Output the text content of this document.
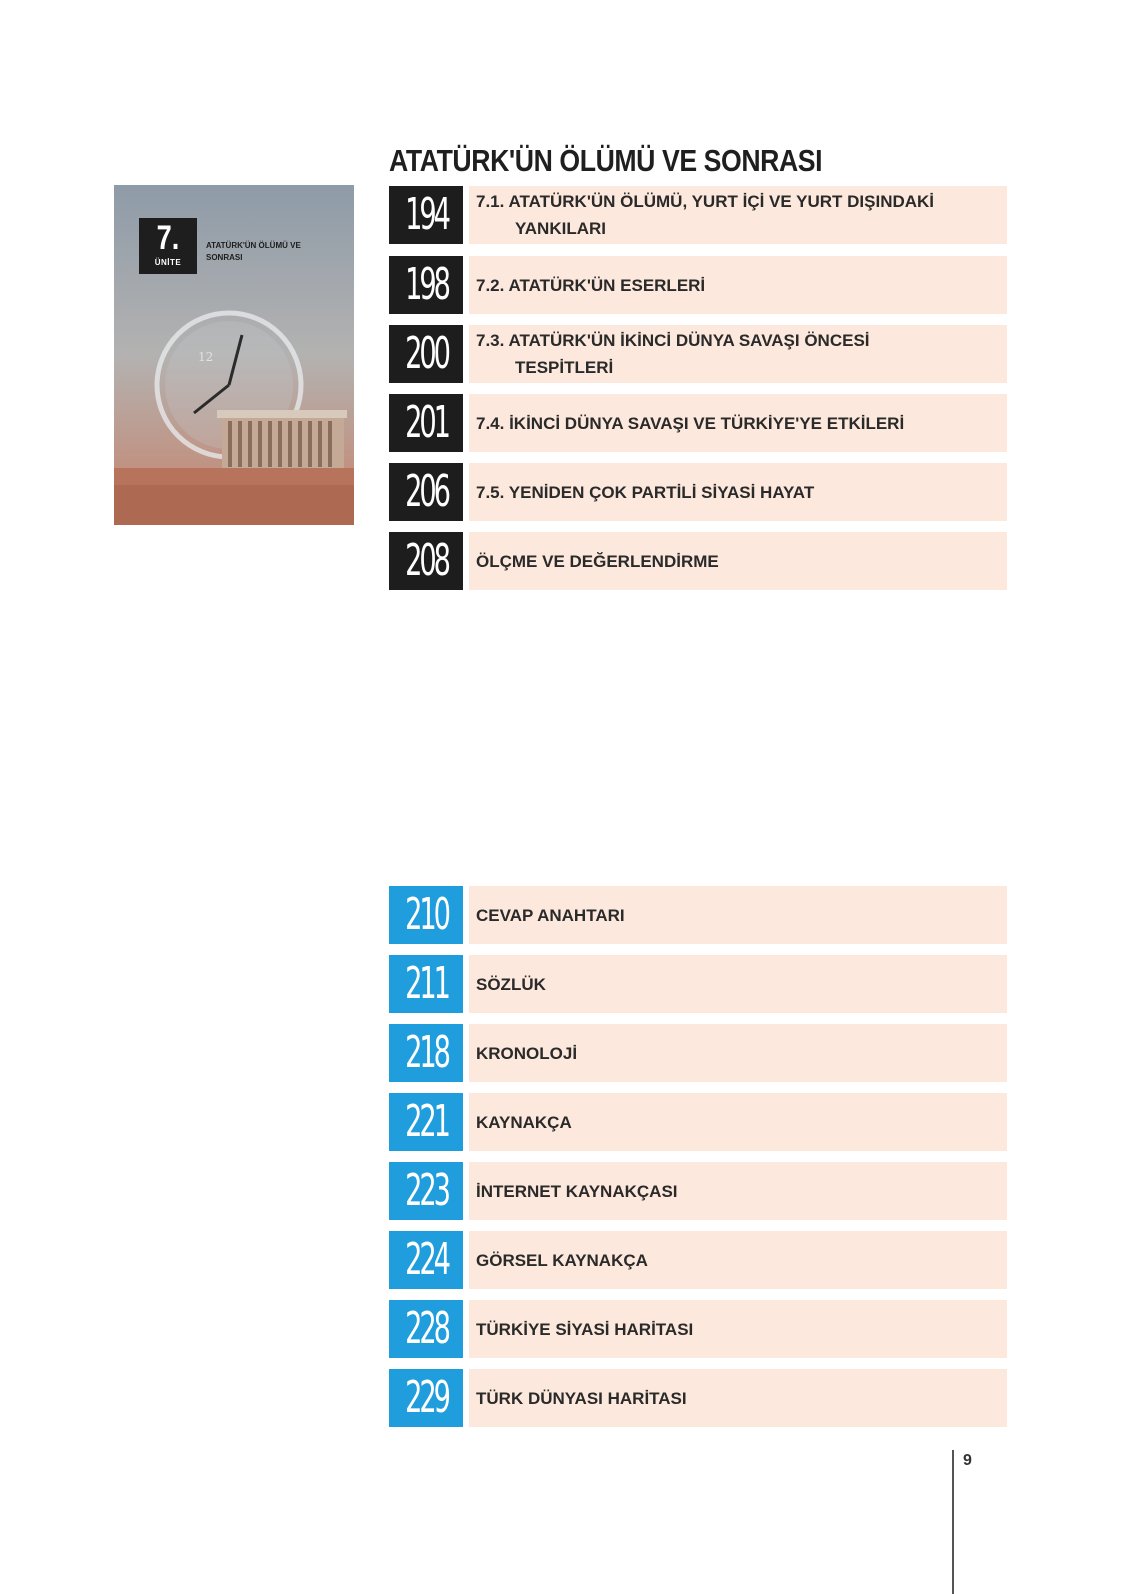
ATATÜRK'ÜN ÖLÜMÜ VE SONRASI
12
7.
ÜNİTE

ATATÜRK'ÜN ÖLÜMÜ VE SONRASI

194	7.1. ATATÜRK'ÜN ÖLÜMÜ, YURT İÇİ VE YURT DIŞINDAKİ
YANKILARI
198	7.2. ATATÜRK'ÜN ESERLERİ
200	7.3. ATATÜRK'ÜN İKİNCİ DÜNYA SAVAŞI ÖNCESİ
TESPİTLERİ
201	7.4. İKİNCİ DÜNYA SAVAŞI VE TÜRKİYE'YE ETKİLERİ
206	7.5. YENİDEN ÇOK PARTİLİ SİYASİ HAYAT
208	ÖLÇME VE DEĞERLENDİRME
210	CEVAP ANAHTARI
211	SÖZLÜK
218	KRONOLOJİ
221	KAYNAKÇA
223	İNTERNET KAYNAKÇASI
224	GÖRSEL KAYNAKÇA
228	TÜRKİYE SİYASİ HARİTASI
229	TÜRK DÜNYASI HARİTASI
9
